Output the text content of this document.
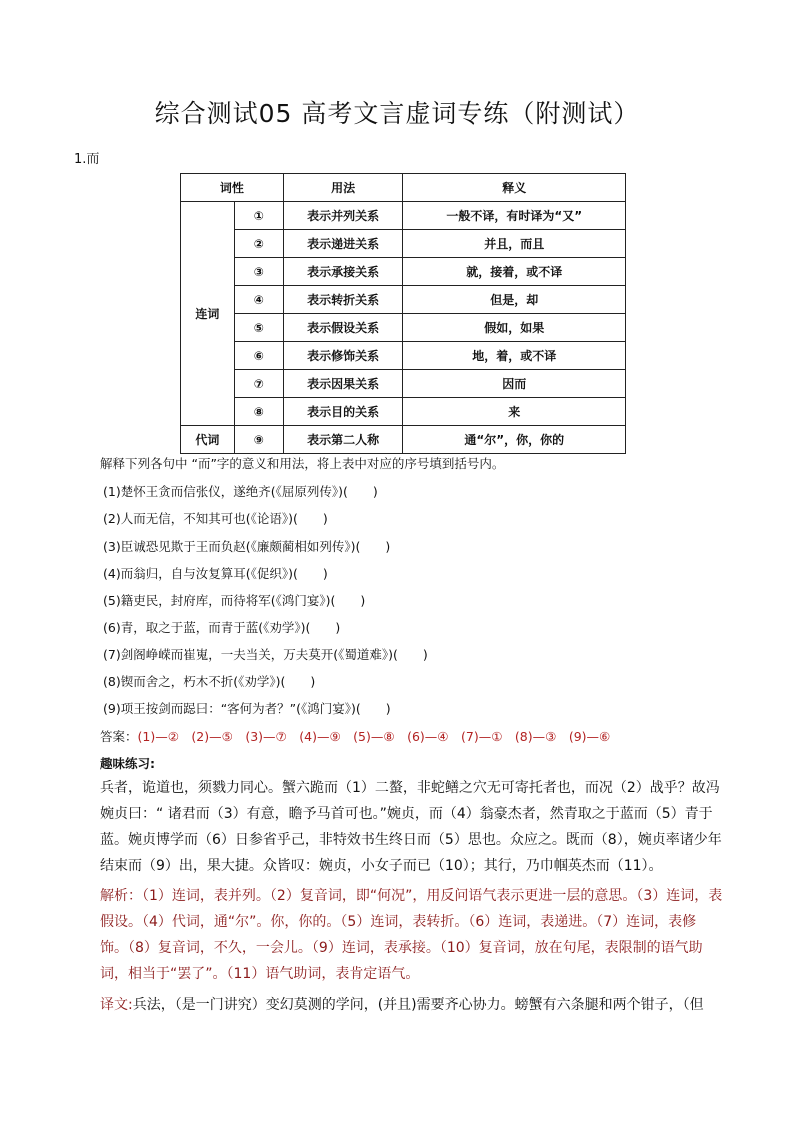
综合测试05 高考文言虚词专练（附测试）
1.而
词性		用法	释义
连词	①	表示并列关系	一般不译，有时译为“又”
	②	表示递进关系	并且，而且
	③	表示承接关系	就，接着，或不译
	④	表示转折关系	但是，却
	⑤	表示假设关系	假如，如果
	⑥	表示修饰关系	地，着，或不译
	⑦	表示因果关系	因而
	⑧	表示目的关系	来
代词	⑨	表示第二人称	通“尔”，你，你的
解释下列各句中 “而”字的意义和用法，将上表中对应的序号填到括号内。
(1)楚怀王贪而信张仪，遂绝齐(《屈原列传》)(　　)
(2)人而无信，不知其可也(《论语》)(　　)
(3)臣诚恐见欺于王而负赵(《廉颇蔺相如列传》)(　　)
(4)而翁归，自与汝复算耳(《促织》)(　　)
(5)籍吏民，封府库，而待将军(《鸿门宴》)(　　)
(6)青，取之于蓝，而青于蓝(《劝学》)(　　)
(7)剑阁峥嵘而崔嵬，一夫当关，万夫莫开(《蜀道难》)(　　)
(8)锲而舍之，朽木不折(《劝学》)(　　)
(9)项王按剑而跽曰：“客何为者？”(《鸿门宴》)(　　)
答案：(1)—②　(2)—⑤　(3)—⑦　(4)—⑨　(5)—⑧　(6)—④　(7)—①　(8)—③　(9)—⑥
趣味练习:
兵者，诡道也，须戮力同心。蟹六跪而（1）二螯，非蛇鳝之穴无可寄托者也，而况（2）战乎？故冯婉贞曰：“ 诸君而（3）有意，瞻予马首可也。”婉贞，而（4）翁豪杰者，然青取之于蓝而（5）青于蓝。婉贞博学而（6）日参省乎己，非特效书生终日而（5）思也。众应之。既而（8），婉贞率诸少年结束而（9）出，果大捷。众皆叹：婉贞，小女子而已（10）；其行，乃巾帼英杰而（11）。
解析：（1）连词，表并列。（2）复音词，即“何况”，用反问语气表示更进一层的意思。（3）连词，表假设。（4）代词，通“尔”。你，你的。（5）连词，表转折。（6）连词，表递进。（7）连词，表修饰。（8）复音词，不久，一会儿。（9）连词，表承接。（10）复音词，放在句尾，表限制的语气助词，相当于“罢了”。（11）语气助词，表肯定语气。
译文:兵法，（是一门讲究）变幻莫测的学问，(并且)需要齐心协力。螃蟹有六条腿和两个钳子，（但
